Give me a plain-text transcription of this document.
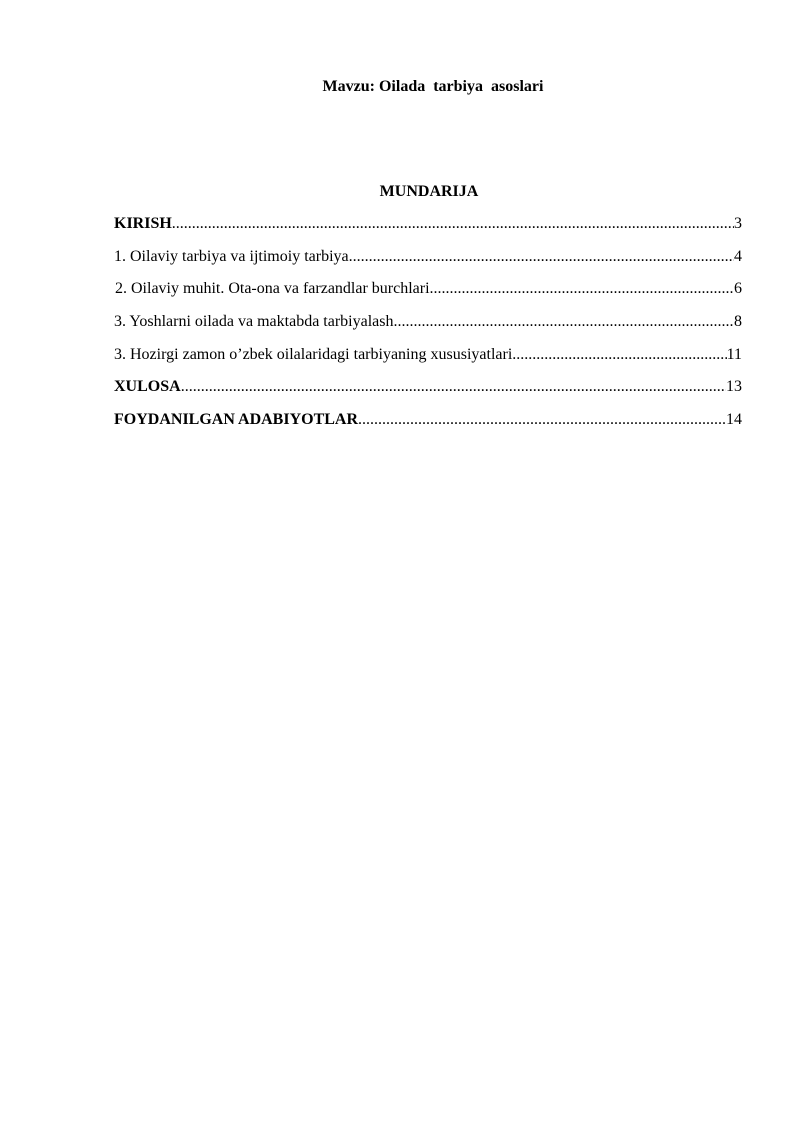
Mavzu: Oilada  tarbiya  asoslari
MUNDARIJA
KIRISH .....	3
1. Oilaviy tarbiya va ijtimoiy tarbiya .....	4
2. Oilaviy muhit. Ota-ona va farzandlar burchlari .....	6
3. Yoshlarni oilada va maktabda tarbiyalash .....	8
3. Hozirgi zamon o’zbek oilalaridagi tarbiyaning xususiyatlari .....	11
XULOSA .....	13
FOYDANILGAN ADABIYOTLAR .....	14
